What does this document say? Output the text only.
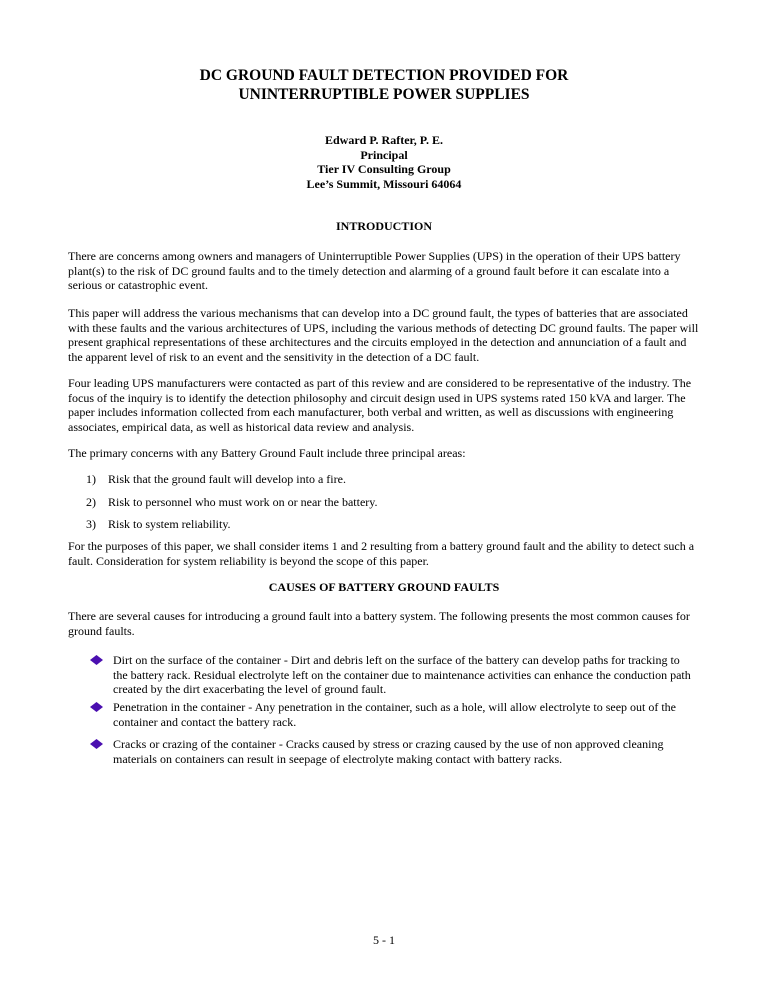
DC GROUND FAULT DETECTION PROVIDED FOR
UNINTERRUPTIBLE POWER SUPPLIES
Edward P. Rafter, P. E.
Principal
Tier IV Consulting Group
Lee’s Summit, Missouri 64064
INTRODUCTION

There are concerns among owners and managers of Uninterruptible Power Supplies (UPS) in the operation of their UPS battery plant(s) to the risk of DC ground faults and to the timely detection and alarming of a ground fault before it can escalate into a serious or catastrophic event.

This paper will address the various mechanisms that can develop into a DC ground fault, the types of batteries that are associated with these faults and the various architectures of UPS, including the various methods of detecting DC ground faults. The paper will present graphical representations of these architectures and the circuits employed in the detection and annunciation of a fault and the apparent level of risk to an event and the sensitivity in the detection of a DC fault.

Four leading UPS manufacturers were contacted as part of this review and are considered to be representative of the industry. The focus of the inquiry is to identify the detection philosophy and circuit design used in UPS systems rated 150 kVA and larger. The paper includes information collected from each manufacturer, both verbal and written, as well as discussions with engineering associates, empirical data, as well as historical data review and analysis.

The primary concerns with any Battery Ground Fault include three principal areas:

1) Risk that the ground fault will develop into a fire.
2) Risk to personnel who must work on or near the battery.
3) Risk to system reliability.

For the purposes of this paper, we shall consider items 1 and 2 resulting from a battery ground fault and the ability to detect such a fault. Consideration for system reliability is beyond the scope of this paper.

CAUSES OF BATTERY GROUND FAULTS

There are several causes for introducing a ground fault into a battery system. The following presents the most common causes for ground faults.

Dirt on the surface of the container - Dirt and debris left on the surface of the battery can develop paths for tracking to the battery rack. Residual electrolyte left on the container due to maintenance activities can enhance the conduction path created by the dirt exacerbating the level of ground fault.
Penetration in the container - Any penetration in the container, such as a hole, will allow electrolyte to seep out of the container and contact the battery rack.
Cracks or crazing of the container - Cracks caused by stress or crazing caused by the use of non approved cleaning materials on containers can result in seepage of electrolyte making contact with battery racks.
5 - 1
